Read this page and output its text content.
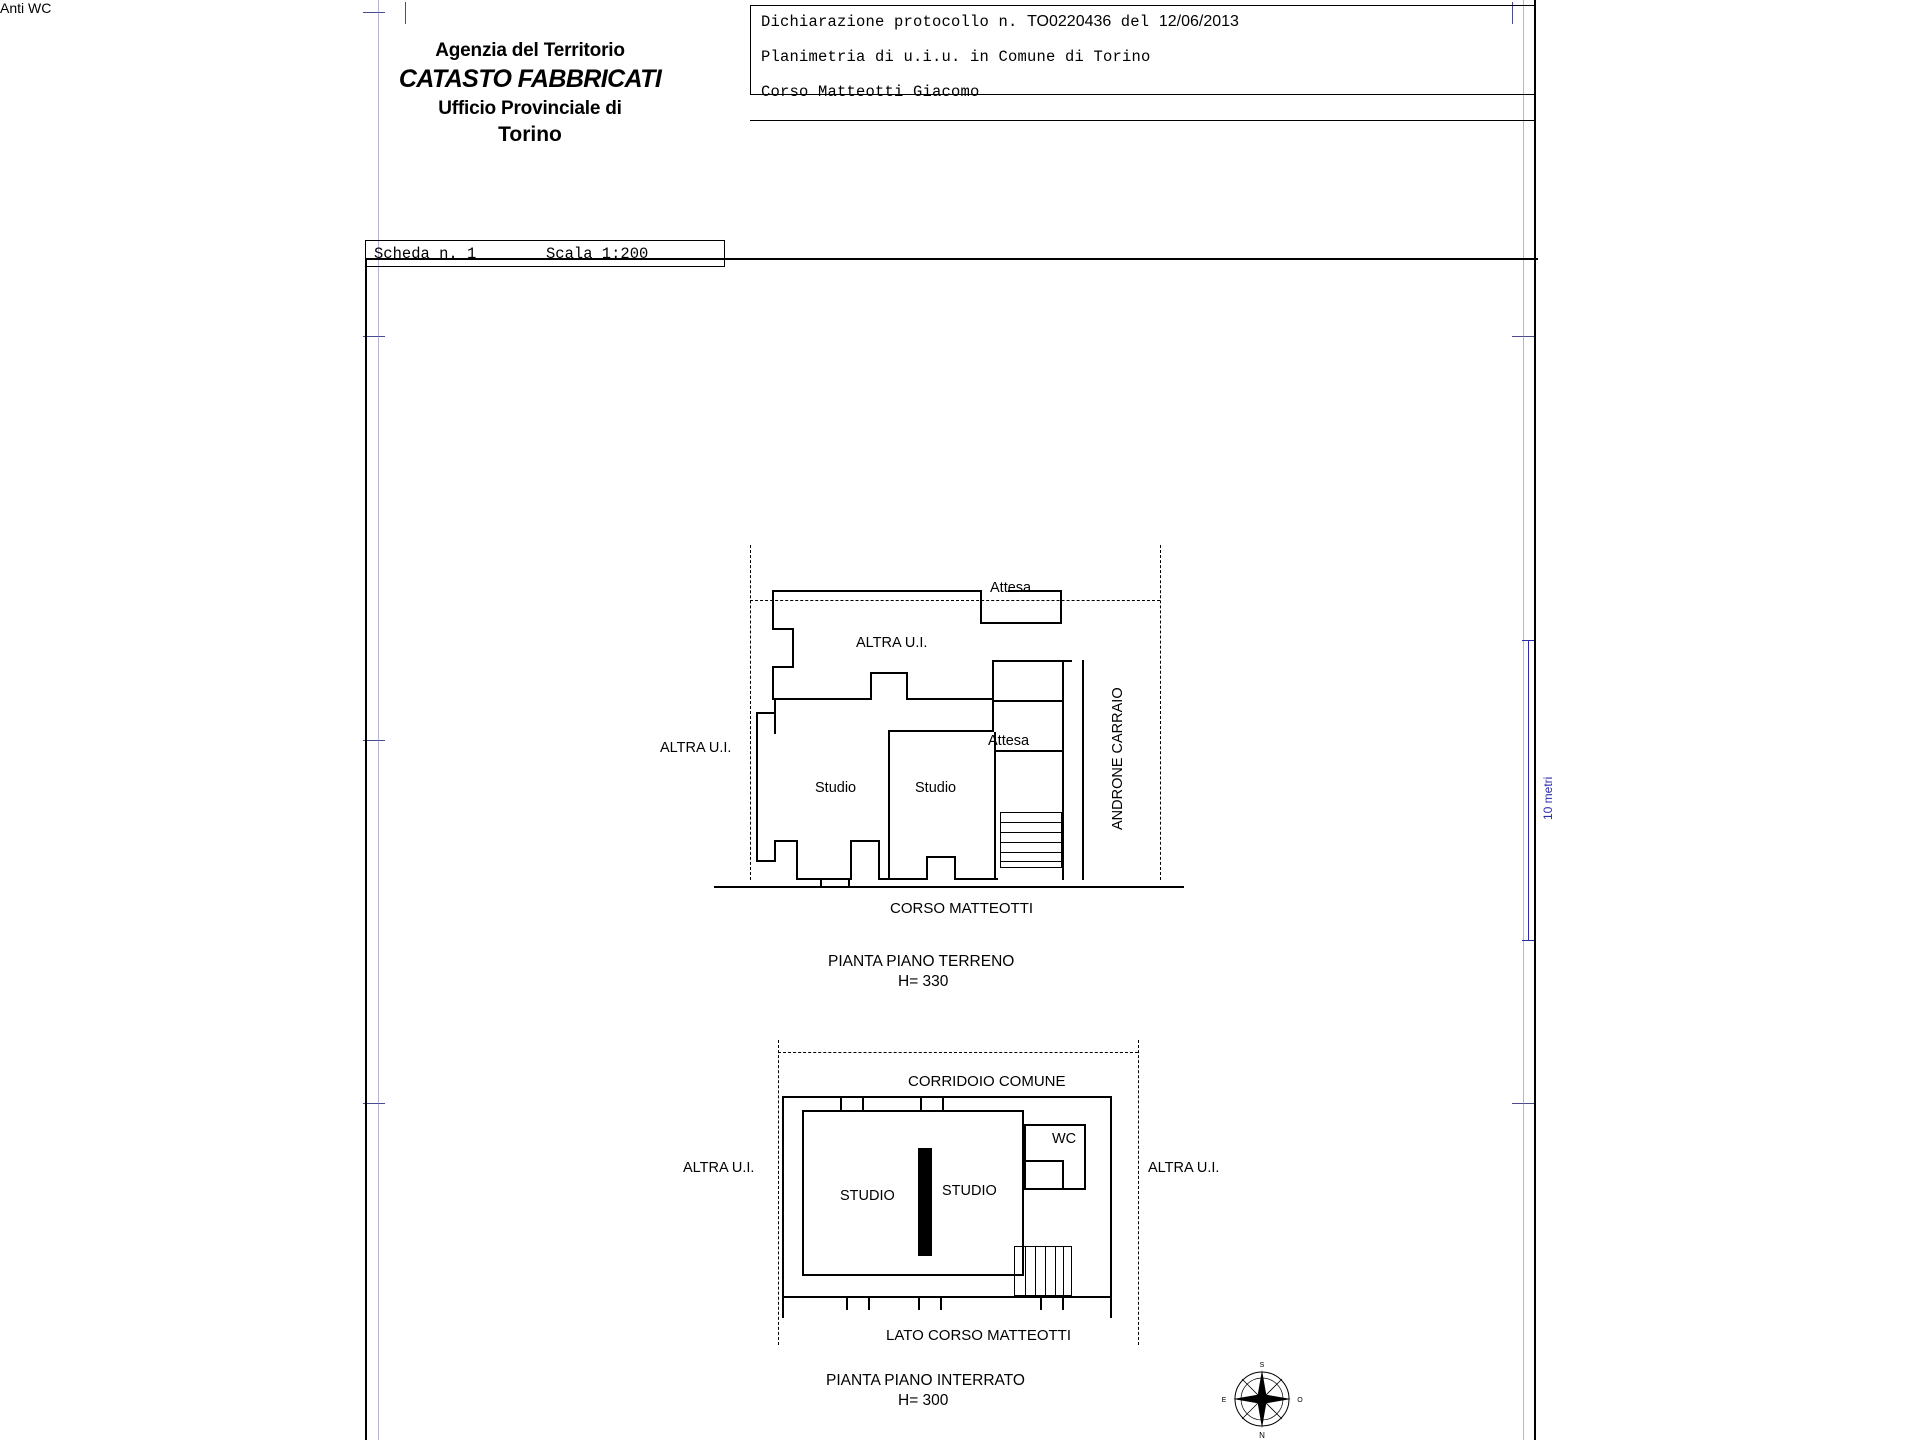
Agenzia del Territorio
CATASTO FABBRICATI
Ufficio Provinciale di
Torino
Dichiarazione protocollo n. TO0220436 del 12/06/2013
Planimetria di u.i.u. in Comune di Torino
Corso Matteotti Giacomo
Scheda n. 1	Scala 1:200
10 metri
ALTRA U.I.
ALTRA U.I.
Attesa
Attesa	ANDRONE CARRAIO
Studio	Studio
CORSO MATTEOTTI
PIANTA PIANO TERRENO
H= 330
CORRIDOIO COMUNE
ALTRA U.I.	ALTRA U.I.
STUDIO	STUDIO
WC
Anti WC
LATO CORSO MATTEOTTI
PIANTA PIANO INTERRATO
H= 300
N
S
E	O
